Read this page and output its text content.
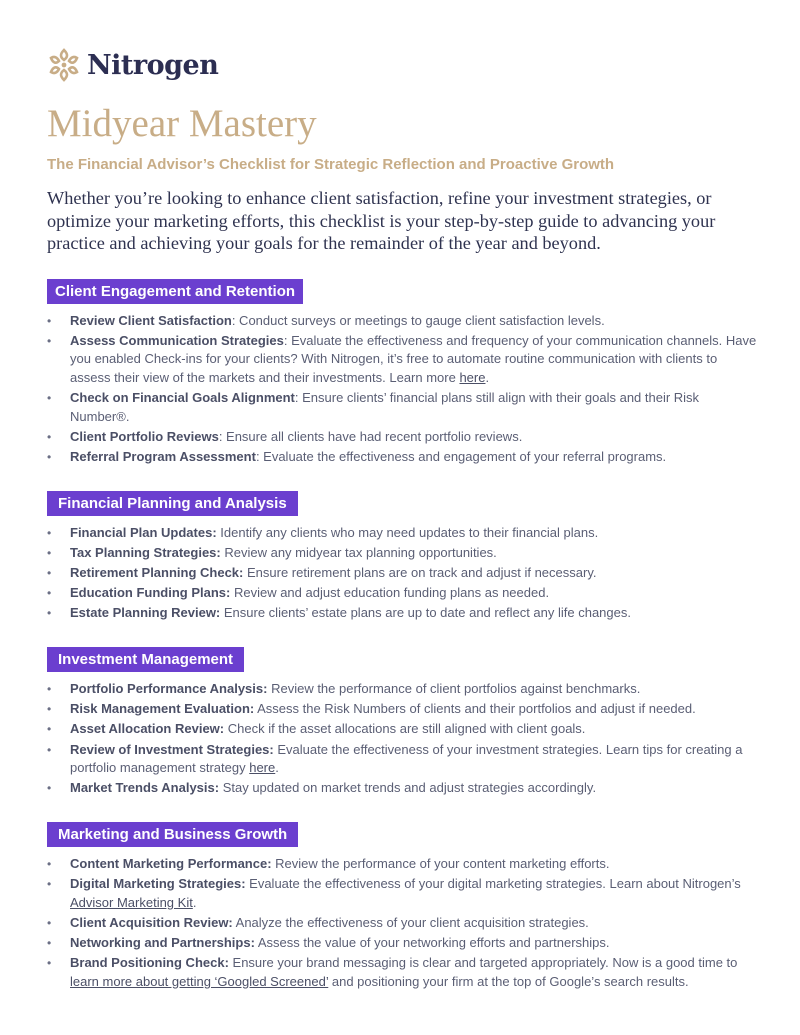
Nitrogen
Midyear Mastery
The Financial Advisor’s Checklist for Strategic Reflection and Proactive Growth
Whether you’re looking to enhance client satisfaction, refine your investment strategies, or optimize your marketing efforts, this checklist is your step-by-step guide to advancing your practice and achieving your goals for the remainder of the year and beyond.
Client Engagement and Retention
• Review Client Satisfaction: Conduct surveys or meetings to gauge client satisfaction levels.
• Assess Communication Strategies: Evaluate the effectiveness and frequency of your communication channels. Have you enabled Check-ins for your clients? With Nitrogen, it’s free to automate routine communication with clients to assess their view of the markets and their investments. Learn more here.
• Check on Financial Goals Alignment: Ensure clients’ financial plans still align with their goals and their Risk Number®.
• Client Portfolio Reviews: Ensure all clients have had recent portfolio reviews.
• Referral Program Assessment: Evaluate the effectiveness and engagement of your referral programs.
Financial Planning and Analysis
• Financial Plan Updates: Identify any clients who may need updates to their financial plans.
• Tax Planning Strategies: Review any midyear tax planning opportunities.
• Retirement Planning Check: Ensure retirement plans are on track and adjust if necessary.
• Education Funding Plans: Review and adjust education funding plans as needed.
• Estate Planning Review: Ensure clients’ estate plans are up to date and reflect any life changes.
Investment Management
• Portfolio Performance Analysis: Review the performance of client portfolios against benchmarks.
• Risk Management Evaluation: Assess the Risk Numbers of clients and their portfolios and adjust if needed.
• Asset Allocation Review: Check if the asset allocations are still aligned with client goals.
• Review of Investment Strategies: Evaluate the effectiveness of your investment strategies. Learn tips for creating a portfolio management strategy here.
• Market Trends Analysis: Stay updated on market trends and adjust strategies accordingly.
Marketing and Business Growth
• Content Marketing Performance: Review the performance of your content marketing efforts.
• Digital Marketing Strategies: Evaluate the effectiveness of your digital marketing strategies. Learn about Nitrogen’s Advisor Marketing Kit.
• Client Acquisition Review: Analyze the effectiveness of your client acquisition strategies.
• Networking and Partnerships: Assess the value of your networking efforts and partnerships.
• Brand Positioning Check: Ensure your brand messaging is clear and targeted appropriately. Now is a good time to learn more about getting ‘Googled Screened’ and positioning your firm at the top of Google’s search results.
